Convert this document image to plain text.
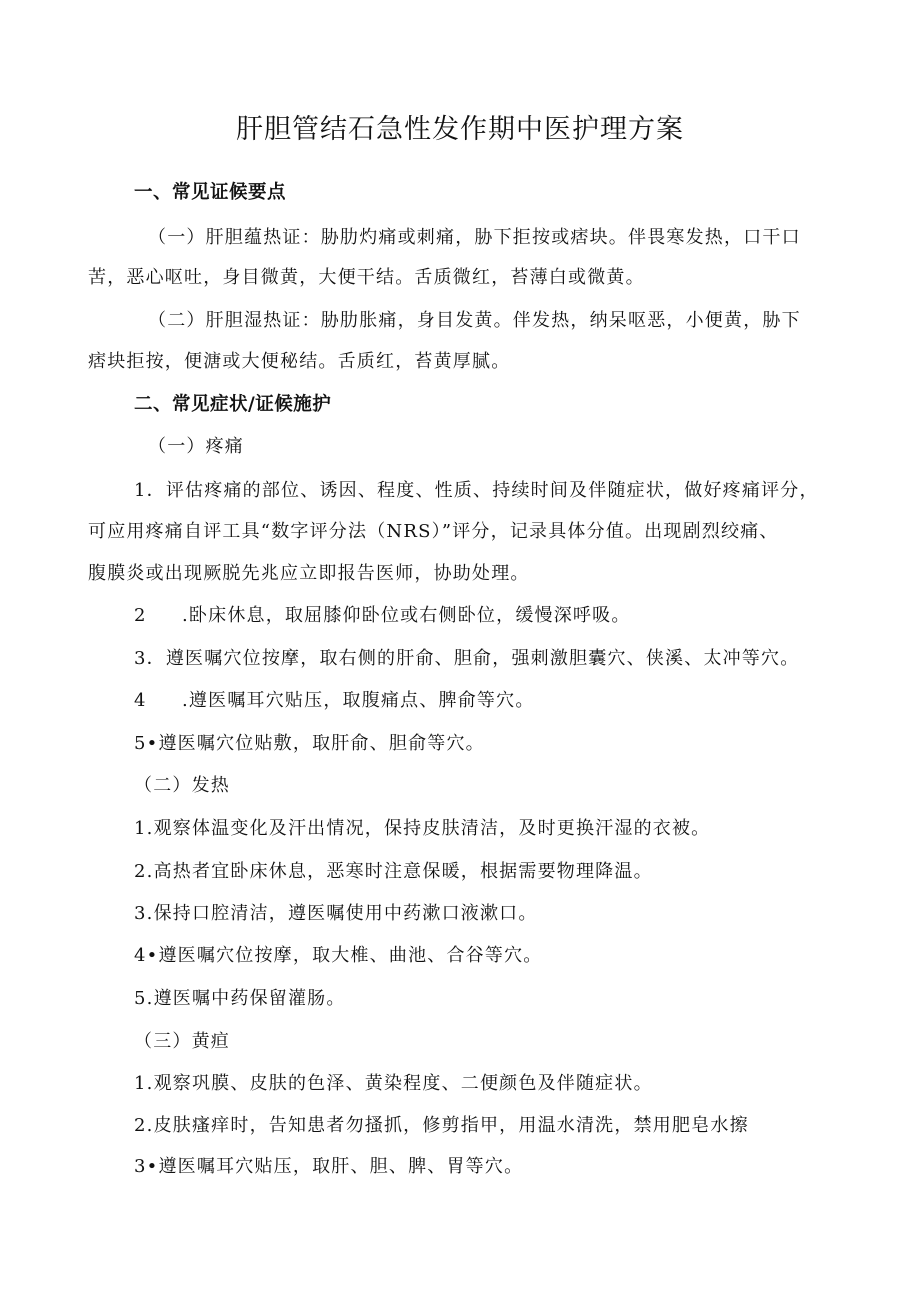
肝胆管结石急性发作期中医护理方案
一、常见证候要点
（一）肝胆蕴热证：胁肋灼痛或刺痛，胁下拒按或痞块。伴畏寒发热，口干口
苦，恶心呕吐，身目微黄，大便干结。舌质微红，苔薄白或微黄。
（二）肝胆湿热证：胁肋胀痛，身目发黄。伴发热，纳呆呕恶，小便黄，胁下
痞块拒按，便溏或大便秘结。舌质红，苔黄厚腻。
二、常见症状/证候施护
（一）疼痛
1．评估疼痛的部位、诱因、程度、性质、持续时间及伴随症状，做好疼痛评分，
可应用疼痛自评工具“数字评分法（NRS）”评分，记录具体分值。出现剧烈绞痛、
腹膜炎或出现厥脱先兆应立即报告医师，协助处理。
2 .卧床休息，取屈膝仰卧位或右侧卧位，缓慢深呼吸。
3．遵医嘱穴位按摩，取右侧的肝俞、胆俞，强刺激胆囊穴、侠溪、太冲等穴。
4 .遵医嘱耳穴贴压，取腹痛点、脾俞等穴。
5•遵医嘱穴位贴敷，取肝俞、胆俞等穴。
（二）发热
1.观察体温变化及汗出情况，保持皮肤清洁，及时更换汗湿的衣被。
2.高热者宜卧床休息，恶寒时注意保暖，根据需要物理降温。
3.保持口腔清洁，遵医嘱使用中药漱口液漱口。
4•遵医嘱穴位按摩，取大椎、曲池、合谷等穴。
5.遵医嘱中药保留灌肠。
（三）黄疸
1.观察巩膜、皮肤的色泽、黄染程度、二便颜色及伴随症状。
2.皮肤瘙痒时，告知患者勿搔抓，修剪指甲，用温水清洗，禁用肥皂水擦
3•遵医嘱耳穴贴压，取肝、胆、脾、胃等穴。
